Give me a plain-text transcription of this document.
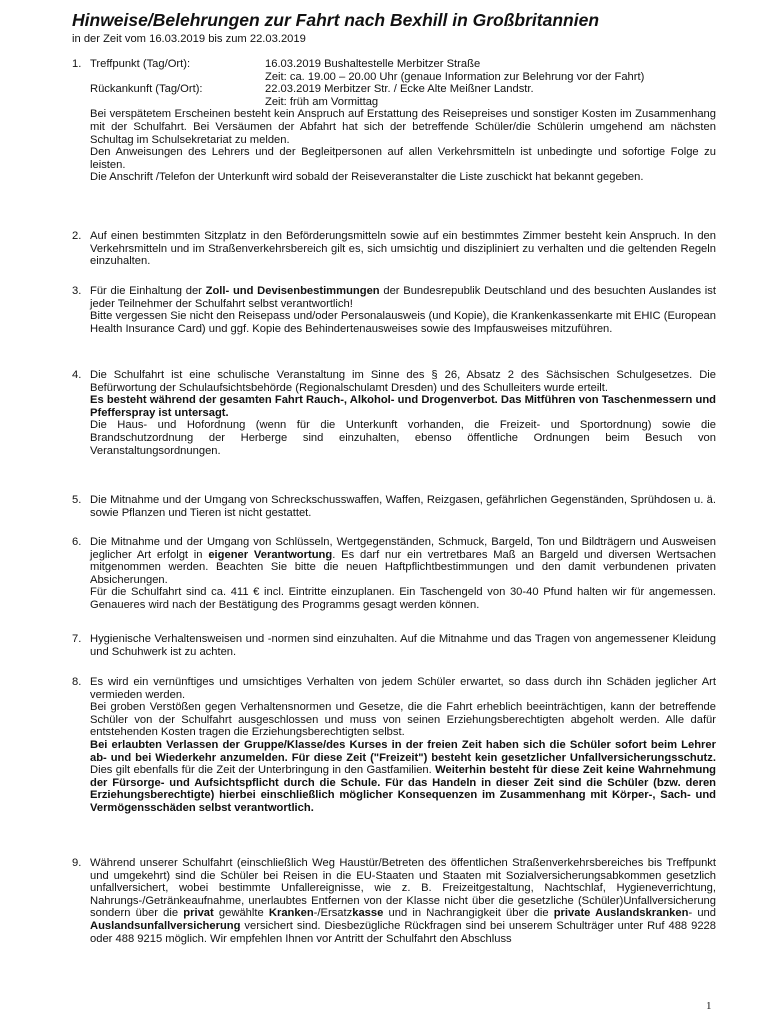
Hinweise/Belehrungen zur Fahrt nach Bexhill in Großbritannien

in der Zeit vom 16.03.2019 bis zum 22.03.2019

1. Treffpunkt (Tag/Ort):	16.03.2019 Bushaltestelle Merbitzer Straße
Zeit: ca. 19.00 – 20.00 Uhr (genaue Information zur Belehrung vor der Fahrt)
Rückankunft (Tag/Ort):	22.03.2019 Merbitzer Str. / Ecke Alte Meißner Landstr.
Zeit: früh am Vormittag

Bei verspätetem Erscheinen besteht kein Anspruch auf Erstattung des Reisepreises und sonstiger Kosten im Zusammenhang mit der Schulfahrt. Bei Versäumen der Abfahrt hat sich der betreffende Schüler/die Schülerin umgehend am nächsten Schultag im Schulsekretariat zu melden.

Den Anweisungen des Lehrers und der Begleitpersonen auf allen Verkehrsmitteln ist unbedingte und sofortige Folge zu leisten.

Die Anschrift /Telefon der Unterkunft wird sobald der Reiseveranstalter die Liste zuschickt hat bekannt gegeben.

2. Auf einen bestimmten Sitzplatz in den Beförderungsmitteln sowie auf ein bestimmtes Zimmer besteht kein Anspruch. In den Verkehrsmitteln und im Straßenverkehrsbereich gilt es, sich umsichtig und diszipliniert zu verhalten und die geltenden Regeln einzuhalten.

3. Für die Einhaltung der Zoll- und Devisenbestimmungen der Bundesrepublik Deutschland und des besuchten Auslandes ist jeder Teilnehmer der Schulfahrt selbst verantwortlich!

Bitte vergessen Sie nicht den Reisepass und/oder Personalausweis (und Kopie), die Krankenkassenkarte mit EHIC (European Health Insurance Card) und ggf. Kopie des Behindertenausweises sowie des Impfausweises mitzuführen.

4. Die Schulfahrt ist eine schulische Veranstaltung im Sinne des § 26, Absatz 2 des Sächsischen Schulgesetzes. Die Befürwortung der Schulaufsichtsbehörde (Regionalschulamt Dresden) und des Schulleiters wurde erteilt.

Es besteht während der gesamten Fahrt Rauch-, Alkohol- und Drogenverbot. Das Mitführen von Taschenmessern und Pfefferspray ist untersagt.

Die Haus- und Hofordnung (wenn für die Unterkunft vorhanden, die Freizeit- und Sportordnung) sowie die Brandschutzordnung der Herberge sind einzuhalten, ebenso öffentliche Ordnungen beim Besuch von Veranstaltungsordnungen.

5. Die Mitnahme und der Umgang von Schreckschusswaffen, Waffen, Reizgasen, gefährlichen Gegenständen, Sprühdosen u. ä. sowie Pflanzen und Tieren ist nicht gestattet.

6. Die Mitnahme und der Umgang von Schlüsseln, Wertgegenständen, Schmuck, Bargeld, Ton und Bildträgern und Ausweisen jeglicher Art erfolgt in eigener Verantwortung. Es darf nur ein vertretbares Maß an Bargeld und diversen Wertsachen mitgenommen werden. Beachten Sie bitte die neuen Haftpflichtbestimmungen und den damit verbundenen privaten Absicherungen.

Für die Schulfahrt sind ca. 411 € incl. Eintritte einzuplanen. Ein Taschengeld von 30-40 Pfund halten wir für angemessen. Genaueres wird nach der Bestätigung des Programms gesagt werden können.

7. Hygienische Verhaltensweisen und -normen sind einzuhalten. Auf die Mitnahme und das Tragen von angemessener Kleidung und Schuhwerk ist zu achten.

8. Es wird ein vernünftiges und umsichtiges Verhalten von jedem Schüler erwartet, so dass durch ihn Schäden jeglicher Art vermieden werden.

Bei groben Verstößen gegen Verhaltensnormen und Gesetze, die die Fahrt erheblich beeinträchtigen, kann der betreffende Schüler von der Schulfahrt ausgeschlossen und muss von seinen Erziehungsberechtigten abgeholt werden. Alle dafür entstehenden Kosten tragen die Erziehungsberechtigten selbst.

Bei erlaubten Verlassen der Gruppe/Klasse/des Kurses in der freien Zeit haben sich die Schüler sofort beim Lehrer ab- und bei Wiederkehr anzumelden. Für diese Zeit ("Freizeit") besteht kein gesetzlicher Unfallversicherungsschutz. Dies gilt ebenfalls für die Zeit der Unterbringung in den Gastfamilien. Weiterhin besteht für diese Zeit keine Wahrnehmung der Fürsorge- und Aufsichtspflicht durch die Schule. Für das Handeln in dieser Zeit sind die Schüler (bzw. deren Erziehungsberechtigte) hierbei einschließlich möglicher Konsequenzen im Zusammenhang mit Körper-, Sach- und Vermögensschäden selbst verantwortlich.

9. Während unserer Schulfahrt (einschließlich Weg Haustür/Betreten des öffentlichen Straßenverkehrsbereiches bis Treffpunkt und umgekehrt) sind die Schüler bei Reisen in die EU-Staaten und Staaten mit Sozialversicherungsabkommen gesetzlich unfallversichert, wobei bestimmte Unfallereignisse, wie z. B. Freizeitgestaltung, Nachtschlaf, Hygieneverrichtung, Nahrungs-/Getränkeaufnahme, unerlaubtes Entfernen von der Klasse nicht über die gesetzliche (Schüler)Unfallversicherung sondern über die privat gewählte Kranken-/Ersatzkasse und in Nachrangigkeit über die private Auslandskranken- und Auslandsunfallversicherung versichert sind. Diesbezügliche Rückfragen sind bei unserem Schulträger unter Ruf 488 9228 oder 488 9215 möglich. Wir empfehlen Ihnen vor Antritt der Schulfahrt den Abschluss

1
